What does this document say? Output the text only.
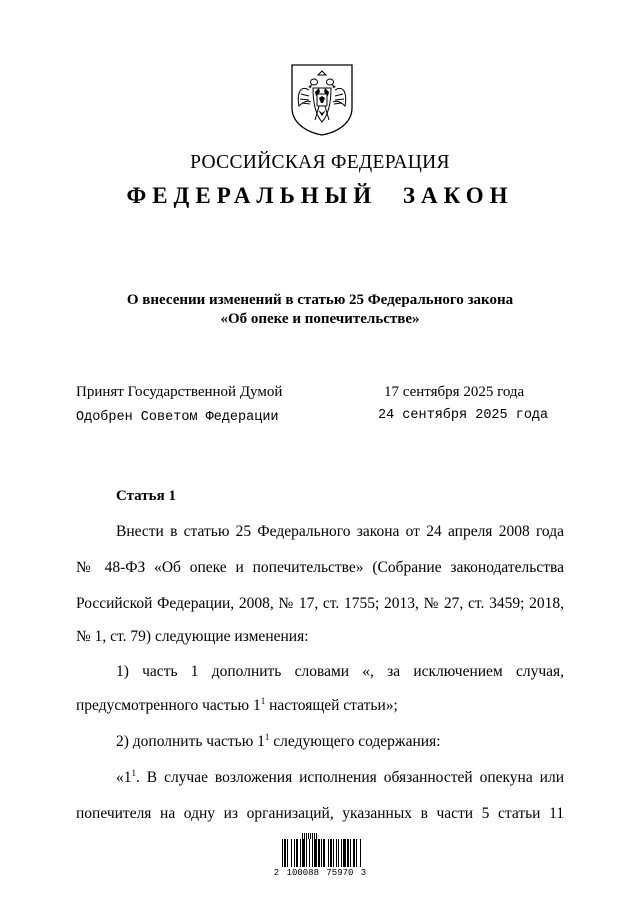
РОССИЙСКАЯ ФЕДЕРАЦИЯ
ФЕДЕРАЛЬНЫЙ ЗАКОН
О внесении изменений в статью 25 Федерального закона
«Об опеке и попечительстве»
Принят Государственной Думой	17 сентября 2025 года
Одобрен Советом Федерации	24 сентября 2025 года
Статья 1
Внести в статью 25 Федерального закона от 24 апреля 2008 года
№ 48-ФЗ «Об опеке и попечительстве» (Собрание законодательства
Российской Федерации, 2008, № 17, ст. 1755; 2013, № 27, ст. 3459; 2018,
№ 1, ст. 79) следующие изменения:
1) часть 1 дополнить словами «, за исключением случая,
предусмотренного частью $1^1$ настоящей статьи»;
2) дополнить частью $1^1$ следующего содержания:
«$1^1$. В случае возложения исполнения обязанностей опекуна или
попечителя на одну из организаций, указанных в части 5 статьи 11
2 100088 75970 3
